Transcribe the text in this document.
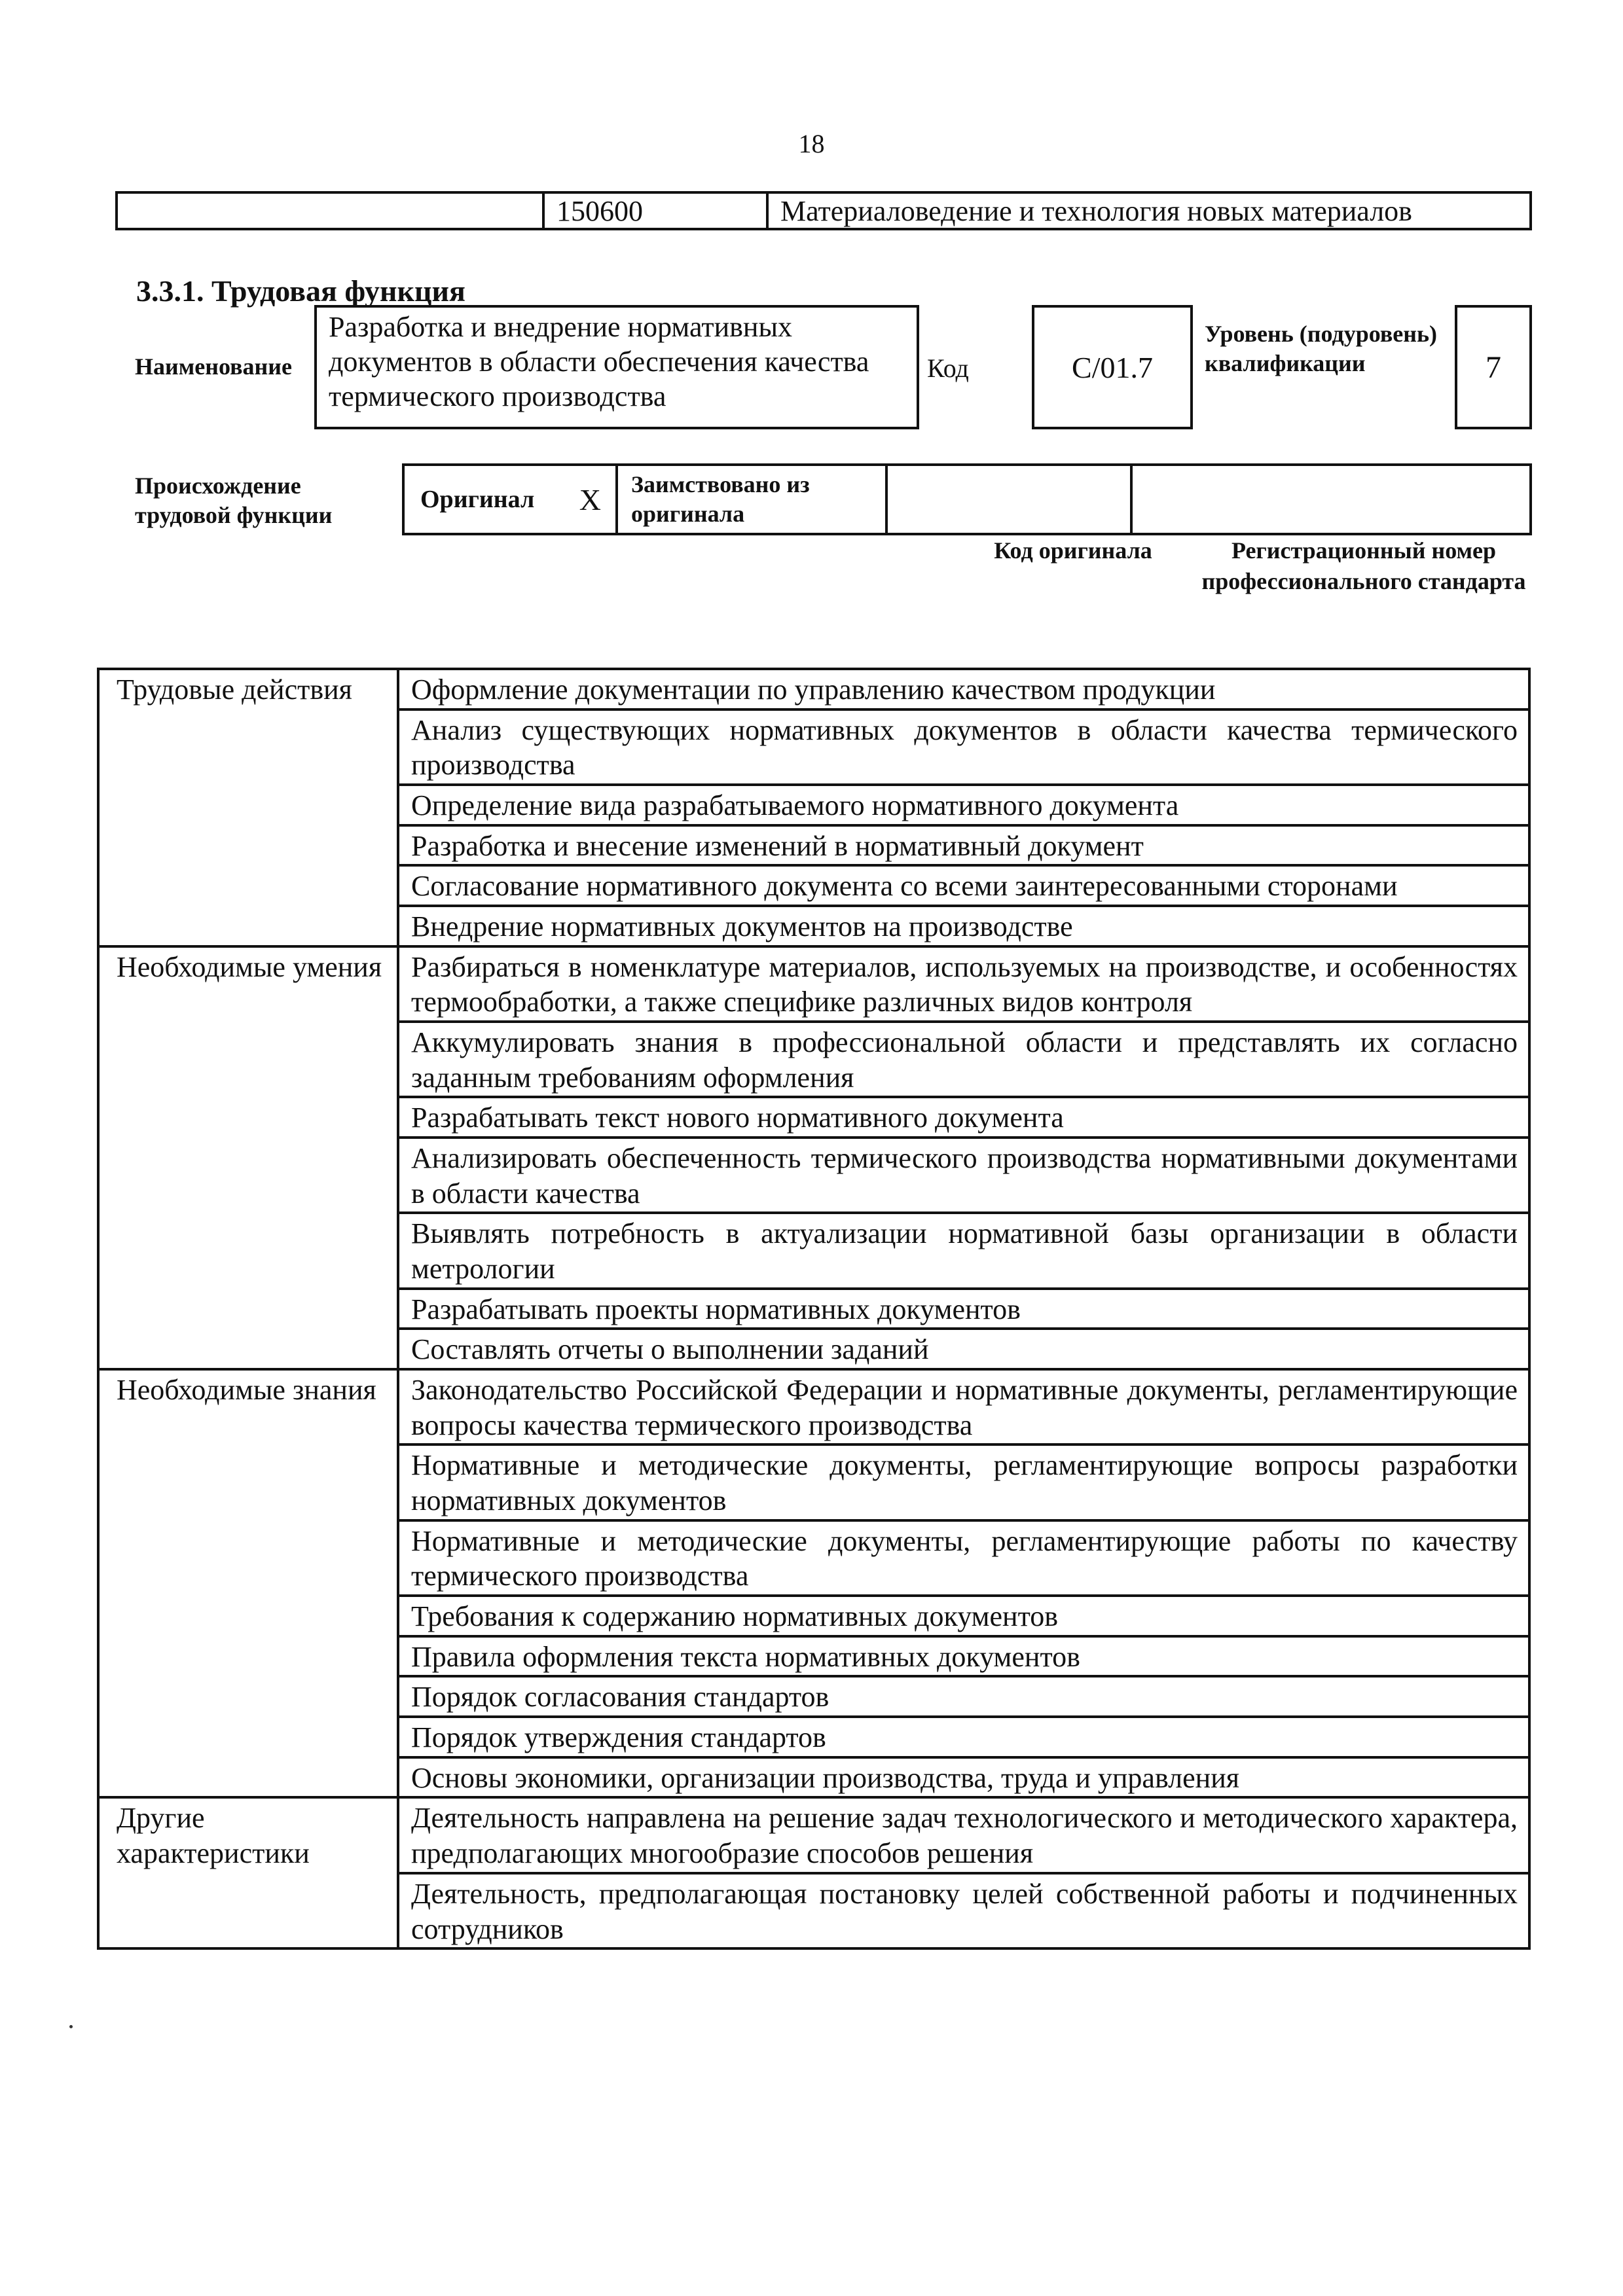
18
150600	Материаловедение и технология новых материалов
3.3.1. Трудовая функция
Наименование
Разработка и внедрение нормативных документов в области обеспечения качества термического производства
Код	С/01.7
Уровень (подуровень) квалификации	7
Происхождение трудовой функции
Оригинал X	Заимствовано из оригинала
Код оригинала	Регистрационный номер профессионального стандарта
Трудовые действия	Оформление документации по управлению качеством продукции
	Анализ существующих нормативных документов в области качества термического производства
	Определение вида разрабатываемого нормативного документа
	Разработка и внесение изменений в нормативный документ
	Согласование нормативного документа со всеми заинтересованными сторонами
	Внедрение нормативных документов на производстве
Необходимые умения	Разбираться в номенклатуре материалов, используемых на производстве, и особенностях термообработки, а также специфике различных видов контроля
	Аккумулировать знания в профессиональной области и представлять их согласно заданным требованиям оформления
	Разрабатывать текст нового нормативного документа
	Анализировать обеспеченность термического производства нормативными документами в области качества
	Выявлять потребность в актуализации нормативной базы организации в области метрологии
	Разрабатывать проекты нормативных документов
	Составлять отчеты о выполнении заданий
Необходимые знания	Законодательство Российской Федерации и нормативные документы, регламентирующие вопросы качества термического производства
	Нормативные и методические документы, регламентирующие вопросы разработки нормативных документов
	Нормативные и методические документы, регламентирующие работы по качеству термического производства
	Требования к содержанию нормативных документов
	Правила оформления текста нормативных документов
	Порядок согласования стандартов
	Порядок утверждения стандартов
	Основы экономики, организации производства, труда и управления
Другие характеристики	Деятельность направлена на решение задач технологического и методического характера, предполагающих многообразие способов решения
	Деятельность, предполагающая постановку целей собственной работы и подчиненных сотрудников
